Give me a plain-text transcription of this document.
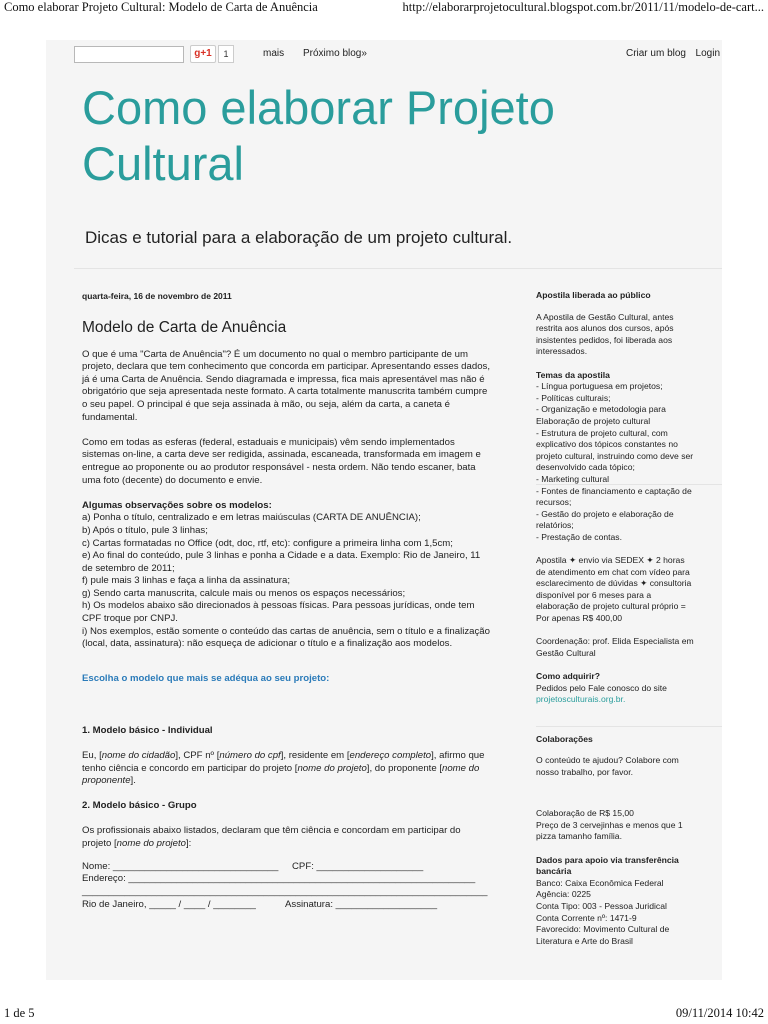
Como elaborar Projeto Cultural: Modelo de Carta de Anuência	http://elaborarprojetocultural.blogspot.com.br/2011/11/modelo-de-cart...
g+1	1	mais Próximo blog»	Criar um blog Login
Como elaborar Projeto Cultural
Dicas e tutorial para a elaboração de um projeto cultural.
quarta-feira, 16 de novembro de 2011
Modelo de Carta de Anuência

O que é uma "Carta de Anuência"? É um documento no qual o membro participante de um projeto, declara que tem conhecimento que concorda em participar. Apresentando esses dados, já é uma Carta de Anuência. Sendo diagramada e impressa, fica mais apresentável mas não é obrigatório que seja apresentada neste formato. A carta totalmente manuscrita também cumpre o seu papel. O principal é que seja assinada à mão, ou seja, além da carta, a caneta é fundamental.

Como em todas as esferas (federal, estaduais e municipais) vêm sendo implementados sistemas on-line, a carta deve ser redigida, assinada, escaneada, transformada em imagem e entregue ao proponente ou ao produtor responsável - nesta ordem. Não tendo escaner, bata uma foto (decente) do documento e envie.

Algumas observações sobre os modelos:
a) Ponha o título, centralizado e em letras maiúsculas (CARTA DE ANUÊNCIA);
b) Após o título, pule 3 linhas;
c) Cartas formatadas no Office (odt, doc, rtf, etc): configure a primeira linha com 1,5cm;
e) Ao final do conteúdo, pule 3 linhas e ponha a Cidade e a data. Exemplo: Rio de Janeiro, 11 de setembro de 2011;
f) pule mais 3 linhas e faça a linha da assinatura;
g) Sendo carta manuscrita, calcule mais ou menos os espaços necessários;
h) Os modelos abaixo são direcionados à pessoas físicas. Para pessoas jurídicas, onde tem CPF troque por CNPJ.
i) Nos exemplos, estão somente o conteúdo das cartas de anuência, sem o título e a finalização (local, data, assinatura): não esqueça de adicionar o título e a finalização aos modelos.

Escolha o modelo que mais se adéqua ao seu projeto:

1. Modelo básico - Individual

Eu, [nome do cidadão], CPF nº [número do cpf], residente em [endereço completo], afirmo que tenho ciência e concordo em participar do projeto [nome do projeto], do proponente [nome do proponente].

2. Modelo básico - Grupo

Os profissionais abaixo listados, declaram que têm ciência e concordam em participar do projeto [nome do projeto]:

Nome: _______________________________ CPF: ____________________
Endereço: _________________________________________________________________
____________________________________________________________________________
Rio de Janeiro, _____ / ____ / ________	Assinatura: ___________________
Apostila liberada ao público

A Apostila de Gestão Cultural, antes restrita aos alunos dos cursos, após insistentes pedidos, foi liberada aos interessados.

Temas da apostila
- Língua portuguesa em projetos;
- Políticas culturais;
- Organização e metodologia para Elaboração de projeto cultural
- Estrutura de projeto cultural, com explicativo dos tópicos constantes no projeto cultural, instruindo como deve ser desenvolvido cada tópico;
- Marketing cultural
- Fontes de financiamento e captação de recursos;
- Gestão do projeto e elaboração de relatórios;
- Prestação de contas.

Apostila ✦ envio via SEDEX ✦ 2 horas de atendimento em chat com vídeo para esclarecimento de dúvidas ✦ consultoria disponível por 6 meses para a elaboração de projeto cultural próprio = Por apenas R$ 400,00

Coordenação: prof. Elida Especialista em Gestão Cultural

Como adquirir?
Pedidos pelo Fale conosco do site
projetosculturais.org.br.
Colaborações

O conteúdo te ajudou? Colabore com nosso trabalho, por favor.

Colaboração de R$ 15,00

Preço de 3 cervejinhas e menos que 1 pizza tamanho família.

Dados para apoio via transferência bancária
Banco: Caixa Econômica Federal
Agência: 0225
Conta Tipo: 003 - Pessoa Juridical
Conta Corrente nº: 1471-9
Favorecido: Movimento Cultural de Literatura e Arte do Brasil
1 de 5	09/11/2014 10:42
